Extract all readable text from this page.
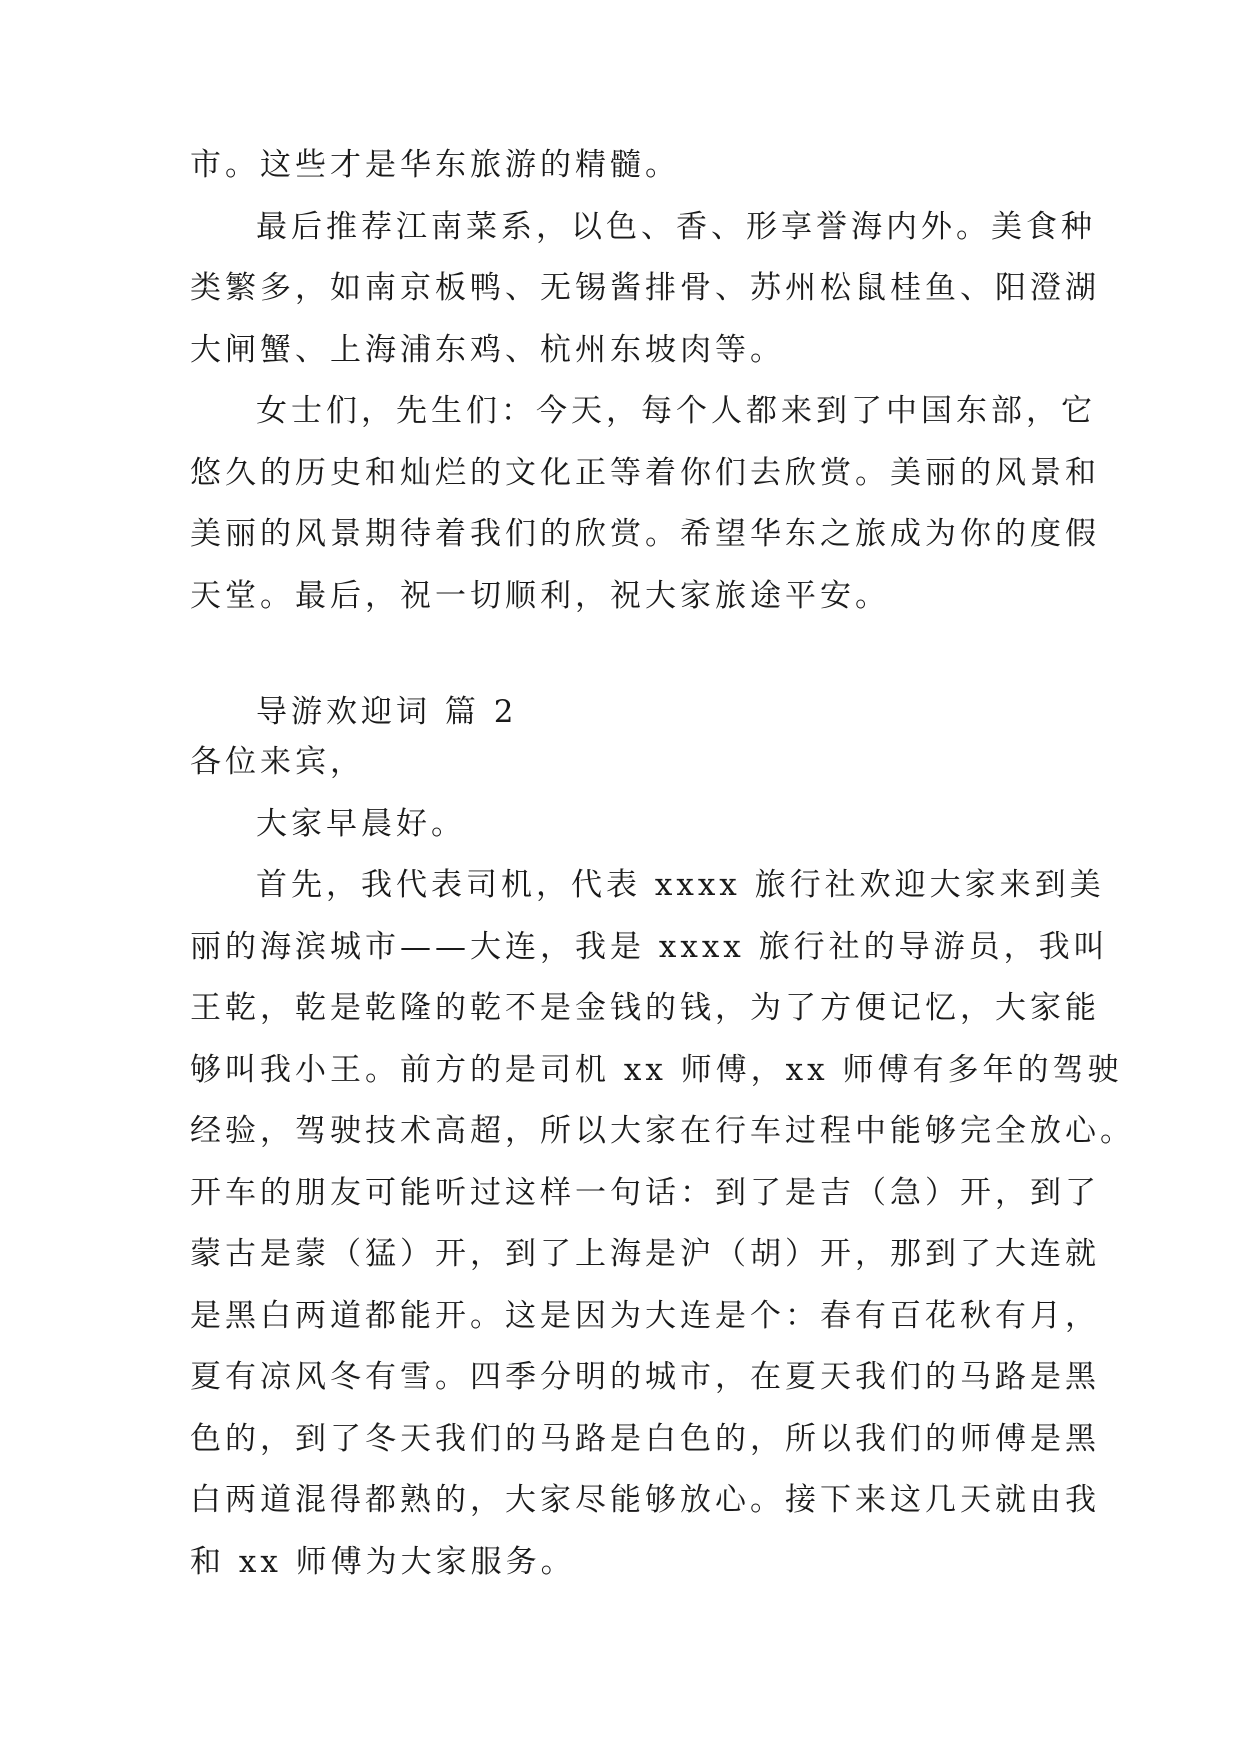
市。这些才是华东旅游的精髓。
最后推荐江南菜系，以色、香、形享誉海内外。美食种
类繁多，如南京板鸭、无锡酱排骨、苏州松鼠桂鱼、阳澄湖
大闸蟹、上海浦东鸡、杭州东坡肉等。
女士们，先生们：今天，每个人都来到了中国东部，它
悠久的历史和灿烂的文化正等着你们去欣赏。美丽的风景和
美丽的风景期待着我们的欣赏。希望华东之旅成为你的度假
天堂。最后，祝一切顺利，祝大家旅途平安。
导游欢迎词 篇 2
各位来宾，
大家早晨好。
首先，我代表司机，代表 xxxx 旅行社欢迎大家来到美
丽的海滨城市——大连，我是 xxxx 旅行社的导游员，我叫
王乾，乾是乾隆的乾不是金钱的钱，为了方便记忆，大家能
够叫我小王。前方的是司机 xx 师傅，xx 师傅有多年的驾驶
经验，驾驶技术高超，所以大家在行车过程中能够完全放心。
开车的朋友可能听过这样一句话：到了是吉（急）开，到了
蒙古是蒙（猛）开，到了上海是沪（胡）开，那到了大连就
是黑白两道都能开。这是因为大连是个：春有百花秋有月，
夏有凉风冬有雪。四季分明的城市，在夏天我们的马路是黑
色的，到了冬天我们的马路是白色的，所以我们的师傅是黑
白两道混得都熟的，大家尽能够放心。接下来这几天就由我
和 xx 师傅为大家服务。
